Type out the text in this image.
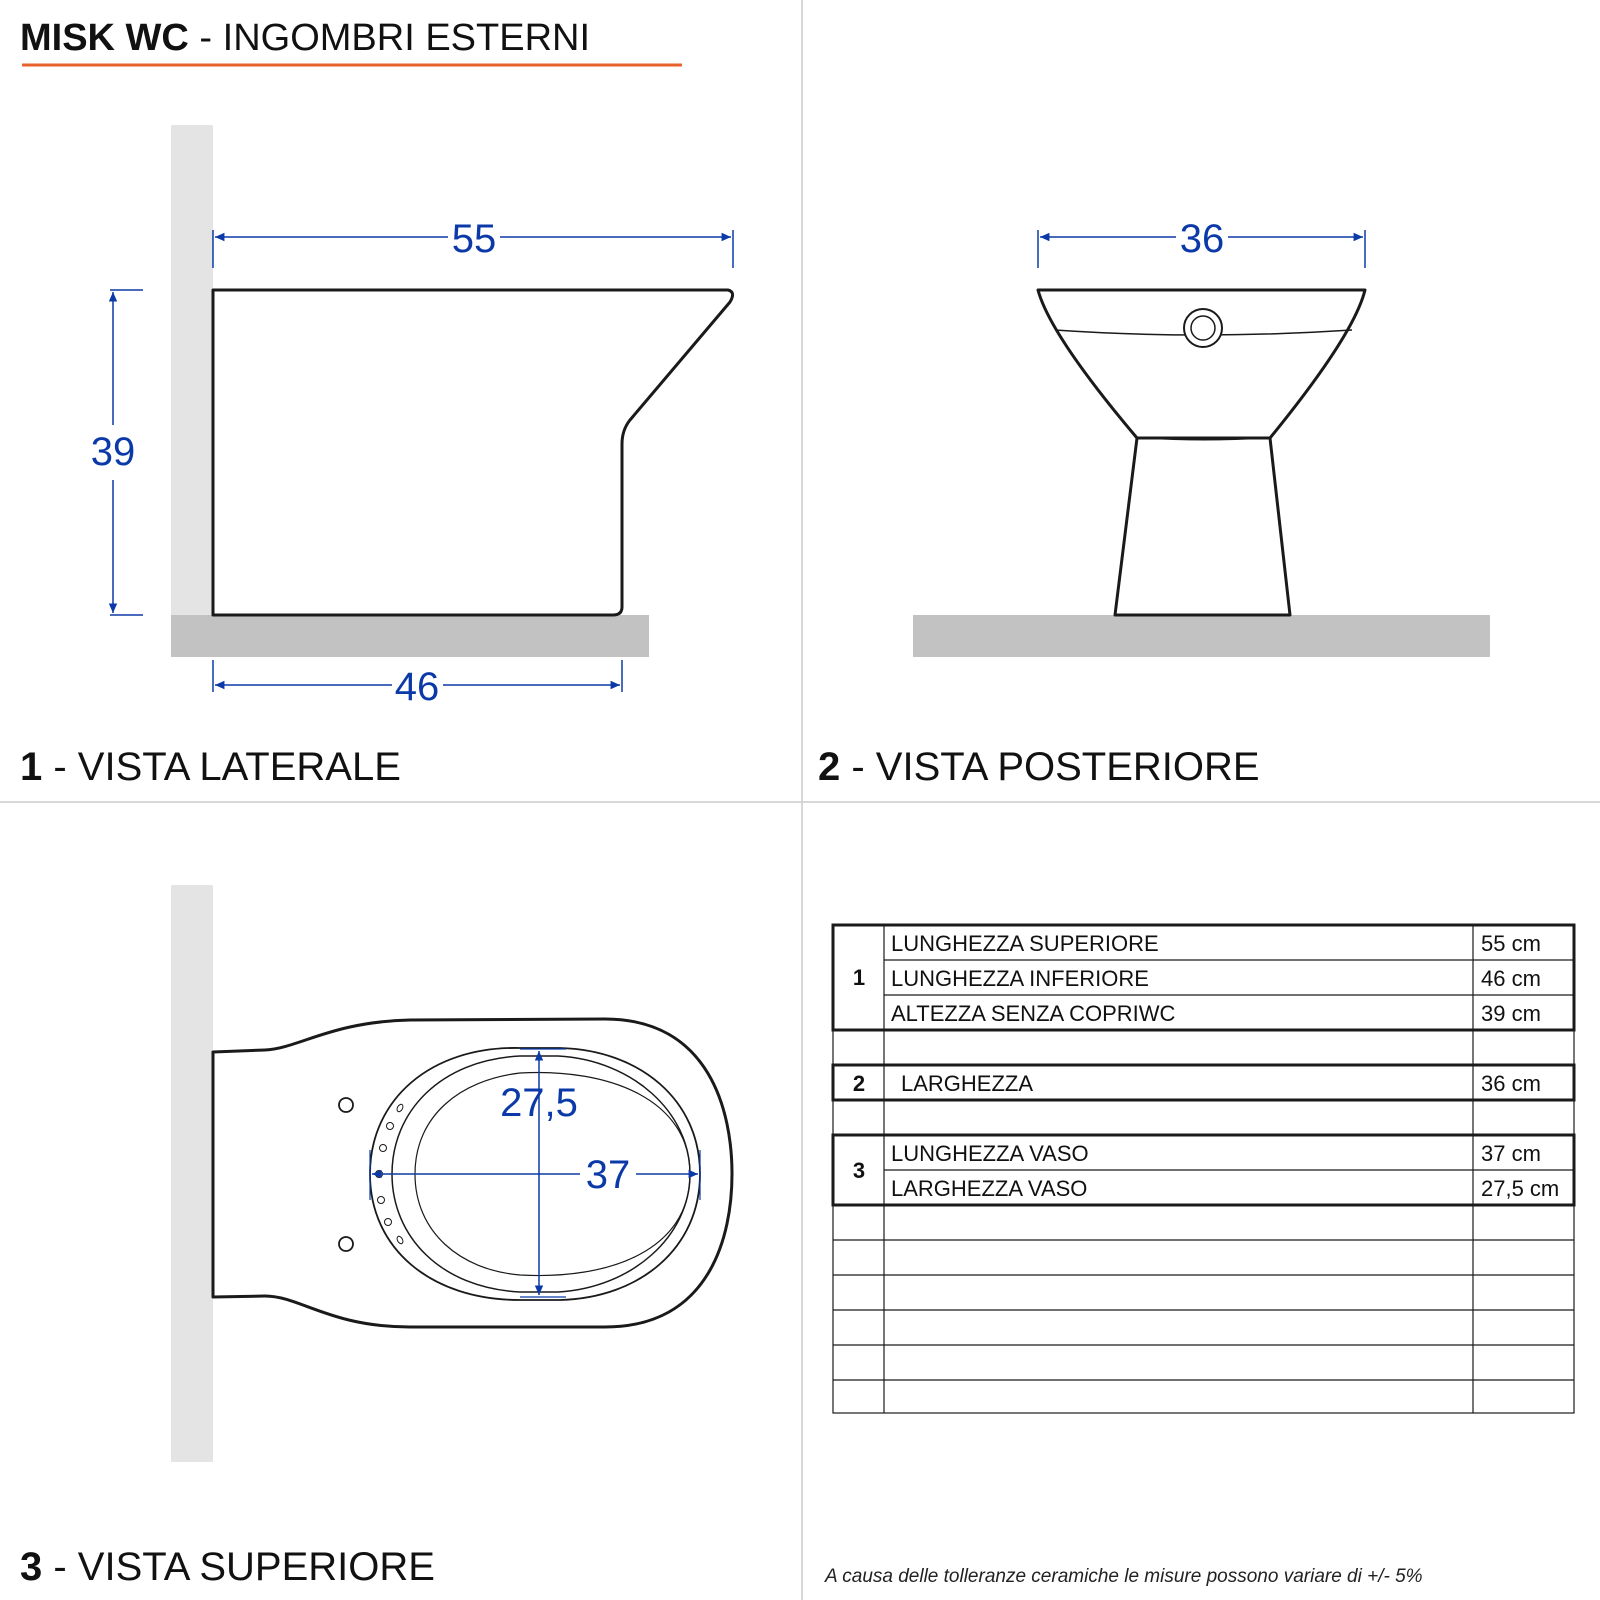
MISK WC - INGOMBRI ESTERNI
55
39
46
1 - VISTA LATERALE
36
2 - VISTA POSTERIORE
27,5
37
3 - VISTA SUPERIORE
1
LUNGHEZZA SUPERIORE	55 cm
LUNGHEZZA INFERIORE	46 cm
ALTEZZA SENZA COPRIWC	39 cm
2 LARGHEZZA	36 cm
3
LUNGHEZZA VASO	37 cm
LARGHEZZA VASO	27,5 cm
A causa delle tolleranze ceramiche le misure possono variare di +/- 5%
